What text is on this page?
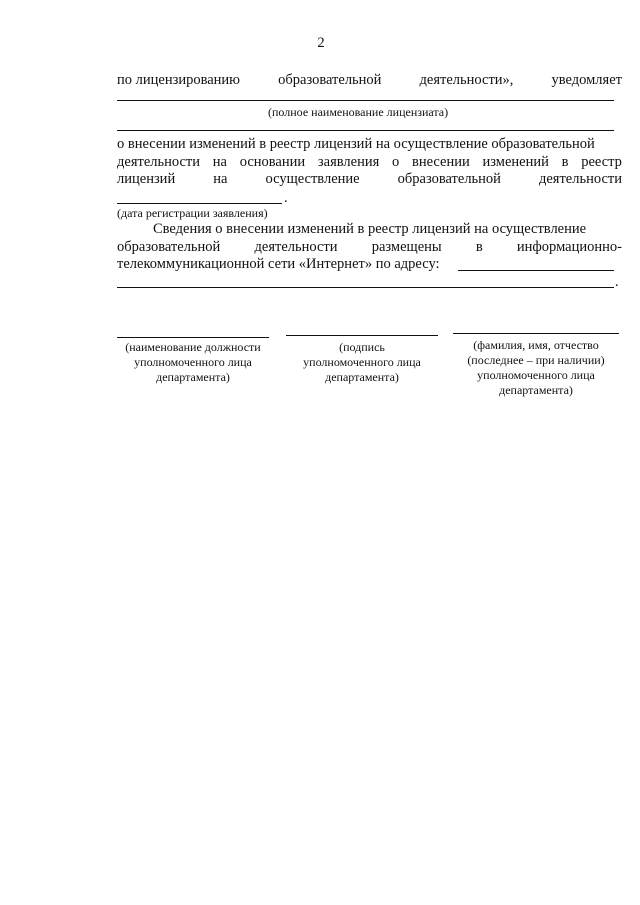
2
по лицензированию	образовательной	деятельности»,	уведомляет
(полное наименование лицензиата)
о внесении изменений в реестр лицензий на осуществление образовательной
деятельности на основании заявления о внесении изменений в реестр
лицензий	на	осуществление	образовательной	деятельности
.
(дата регистрации заявления)
Сведения о внесении изменений в реестр лицензий на осуществление
образовательной деятельности размещены в информационно-
телекоммуникационной сети «Интернет» по адресу:
.
(наименование должности
уполномоченного лица
департамента)
(подпись
уполномоченного лица
департамента)
(фамилия, имя, отчество
(последнее – при наличии)
уполномоченного лица
департамента)
